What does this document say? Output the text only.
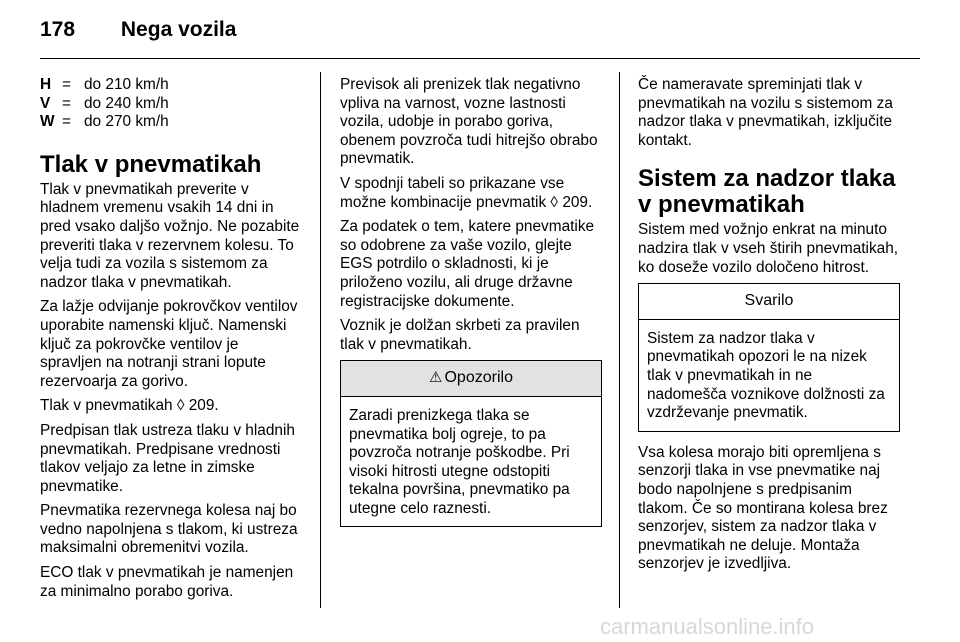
178 Nega vozila
H = do 210 km/h
V = do 240 km/h
W = do 270 km/h
Tlak v pnevmatikah

Tlak v pnevmatikah preverite v hladnem vremenu vsakih 14 dni in pred vsako daljšo vožnjo. Ne pozabite preveriti tlaka v rezervnem kolesu. To velja tudi za vozila s sistemom za nadzor tlaka v pnevmatikah.

Za lažje odvijanje pokrovčkov ventilov uporabite namenski ključ. Namenski ključ za pokrovčke ventilov je spravljen na notranji strani lopute rezervoarja za gorivo.

Tlak v pnevmatikah ◊ 209.

Predpisan tlak ustreza tlaku v hladnih pnevmatikah. Predpisane vrednosti tlakov veljajo za letne in zimske pnevmatike.

Pnevmatika rezervnega kolesa naj bo vedno napolnjena s tlakom, ki ustreza maksimalni obremenitvi vozila.

ECO tlak v pnevmatikah je namenjen za minimalno porabo goriva.

Previsok ali prenizek tlak negativno vpliva na varnost, vozne lastnosti vozila, udobje in porabo goriva, obenem povzroča tudi hitrejšo obrabo pnevmatik.

V spodnji tabeli so prikazane vse možne kombinacije pnevmatik ◊ 209.

Za podatek o tem, katere pnevmatike so odobrene za vaše vozilo, glejte EGS potrdilo o skladnosti, ki je priloženo vozilu, ali druge državne registracijske dokumente.

Voznik je dolžan skrbeti za pravilen tlak v pnevmatikah.

⚠ Opozorilo
Zaradi prenizkega tlaka se pnevmatika bolj ogreje, to pa povzroča notranje poškodbe. Pri visoki hitrosti utegne odstopiti tekalna površina, pnevmatiko pa utegne celo raznesti.

Če nameravate spreminjati tlak v pnevmatikah na vozilu s sistemom za nadzor tlaka v pnevmatikah, izključite kontakt.

Sistem za nadzor tlaka v pnevmatikah

Sistem med vožnjo enkrat na minuto nadzira tlak v vseh štirih pnevmatikah, ko doseže vozilo določeno hitrost.

Svarilo
Sistem za nadzor tlaka v pnevmatikah opozori le na nizek tlak v pnevmatikah in ne nadomešča voznikove dolžnosti za vzdrževanje pnevmatik.

Vsa kolesa morajo biti opremljena s senzorji tlaka in vse pnevmatike naj bodo napolnjene s predpisanim tlakom. Če so montirana kolesa brez senzorjev, sistem za nadzor tlaka v pnevmatikah ne deluje. Montaža senzorjev je izvedljiva.

carmanualsonline.info
